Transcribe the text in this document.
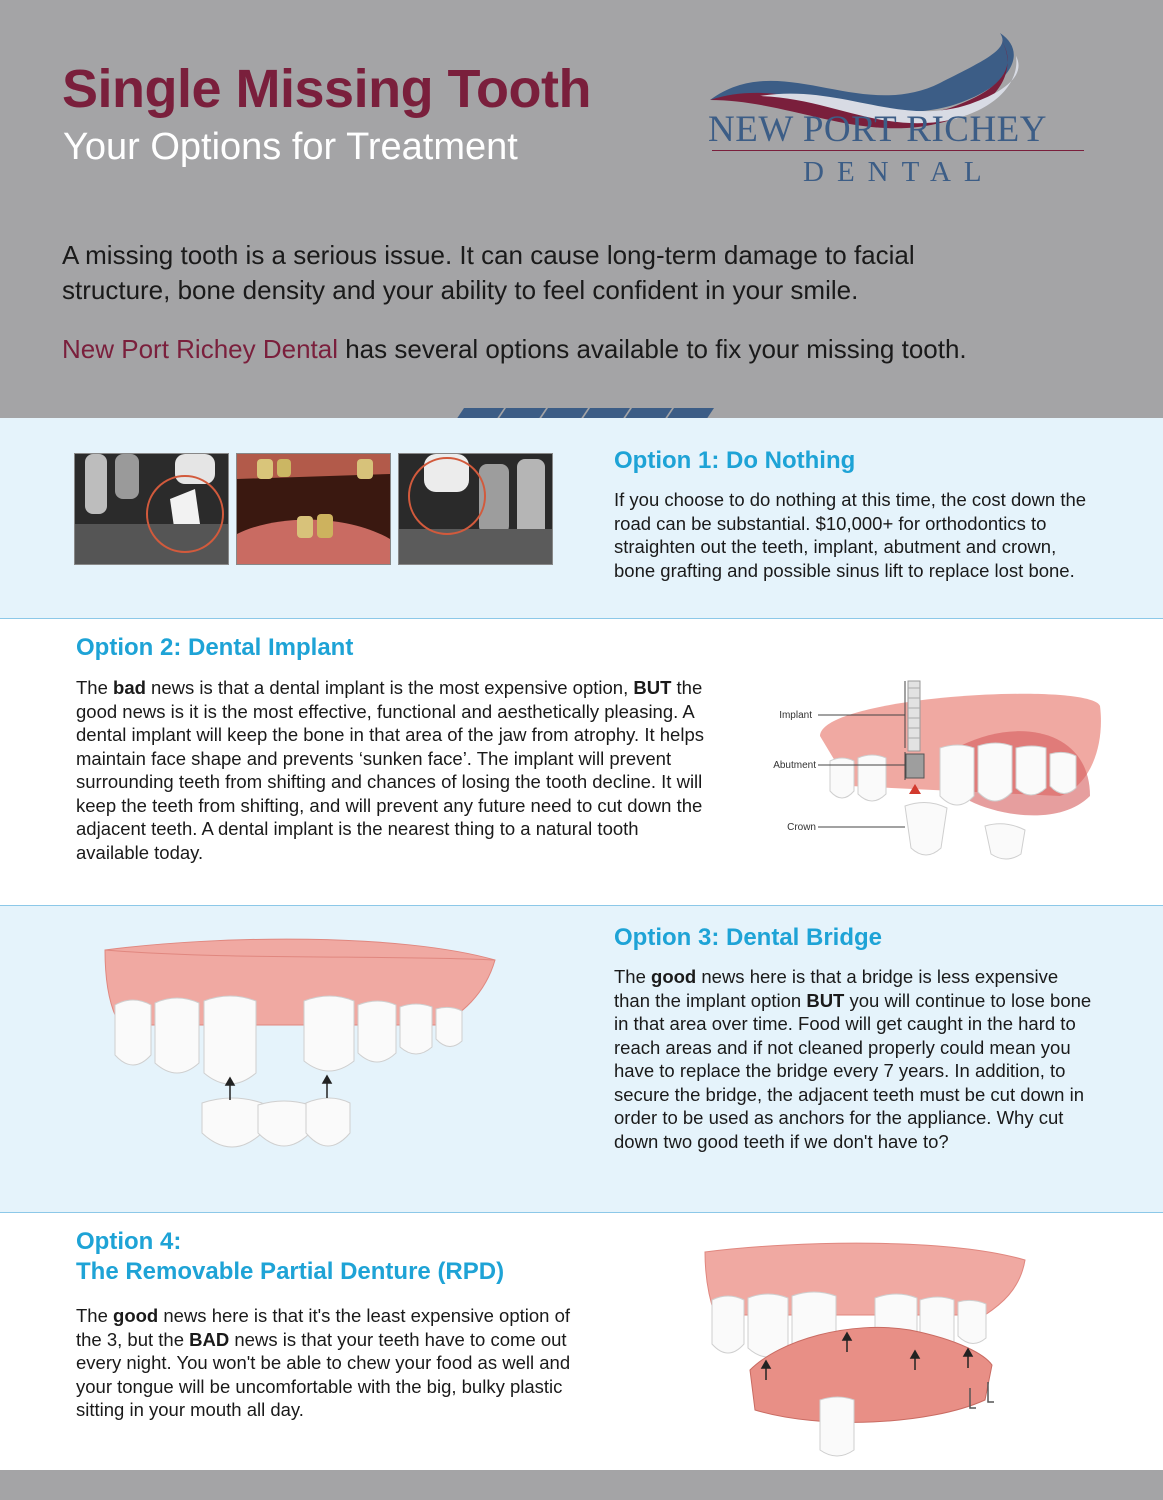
Single Missing Tooth
Your Options for Treatment	NEW PORT RICHEY
DENTAL
A missing tooth is a serious issue. It can cause long-term damage to facial structure, bone density and your ability to feel confident in your smile.
New Port Richey Dental has several options available to fix your missing tooth.
Option 1: Do Nothing
If you choose to do nothing at this time, the cost down the road can be substantial. $10,000+ for orthodontics to straighten out the teeth, implant, abutment and crown, bone grafting and possible sinus lift to replace lost bone.
Option 2: Dental Implant
The bad news is that a dental implant is the most expensive option, BUT the good news is it is the most effective, functional and aesthetically pleasing. A dental implant will keep the bone in that area of the jaw from atrophy. It helps maintain face shape and prevents ‘sunken face’. The implant will prevent surrounding teeth from shifting and chances of losing the tooth decline. It will keep the teeth from shifting, and will prevent any future need to cut down the adjacent teeth. A dental implant is the nearest thing to a natural tooth available today.
Implant
Abutment
Crown
Option 3: Dental Bridge
The good news here is that a bridge is less expensive than the implant option BUT you will continue to lose bone in that area over time. Food will get caught in the hard to reach areas and if not cleaned properly could mean you have to replace the bridge every 7 years. In addition, to secure the bridge, the adjacent teeth must be cut down in order to be used as anchors for the appliance. Why cut down two good teeth if we don't have to?
Option 4:
The Removable Partial Denture (RPD)
The good news here is that it's the least expensive option of the 3, but the BAD news is that your teeth have to come out every night. You won't be able to chew your food as well and your tongue will be uncomfortable with the big, bulky plastic sitting in your mouth all day.
